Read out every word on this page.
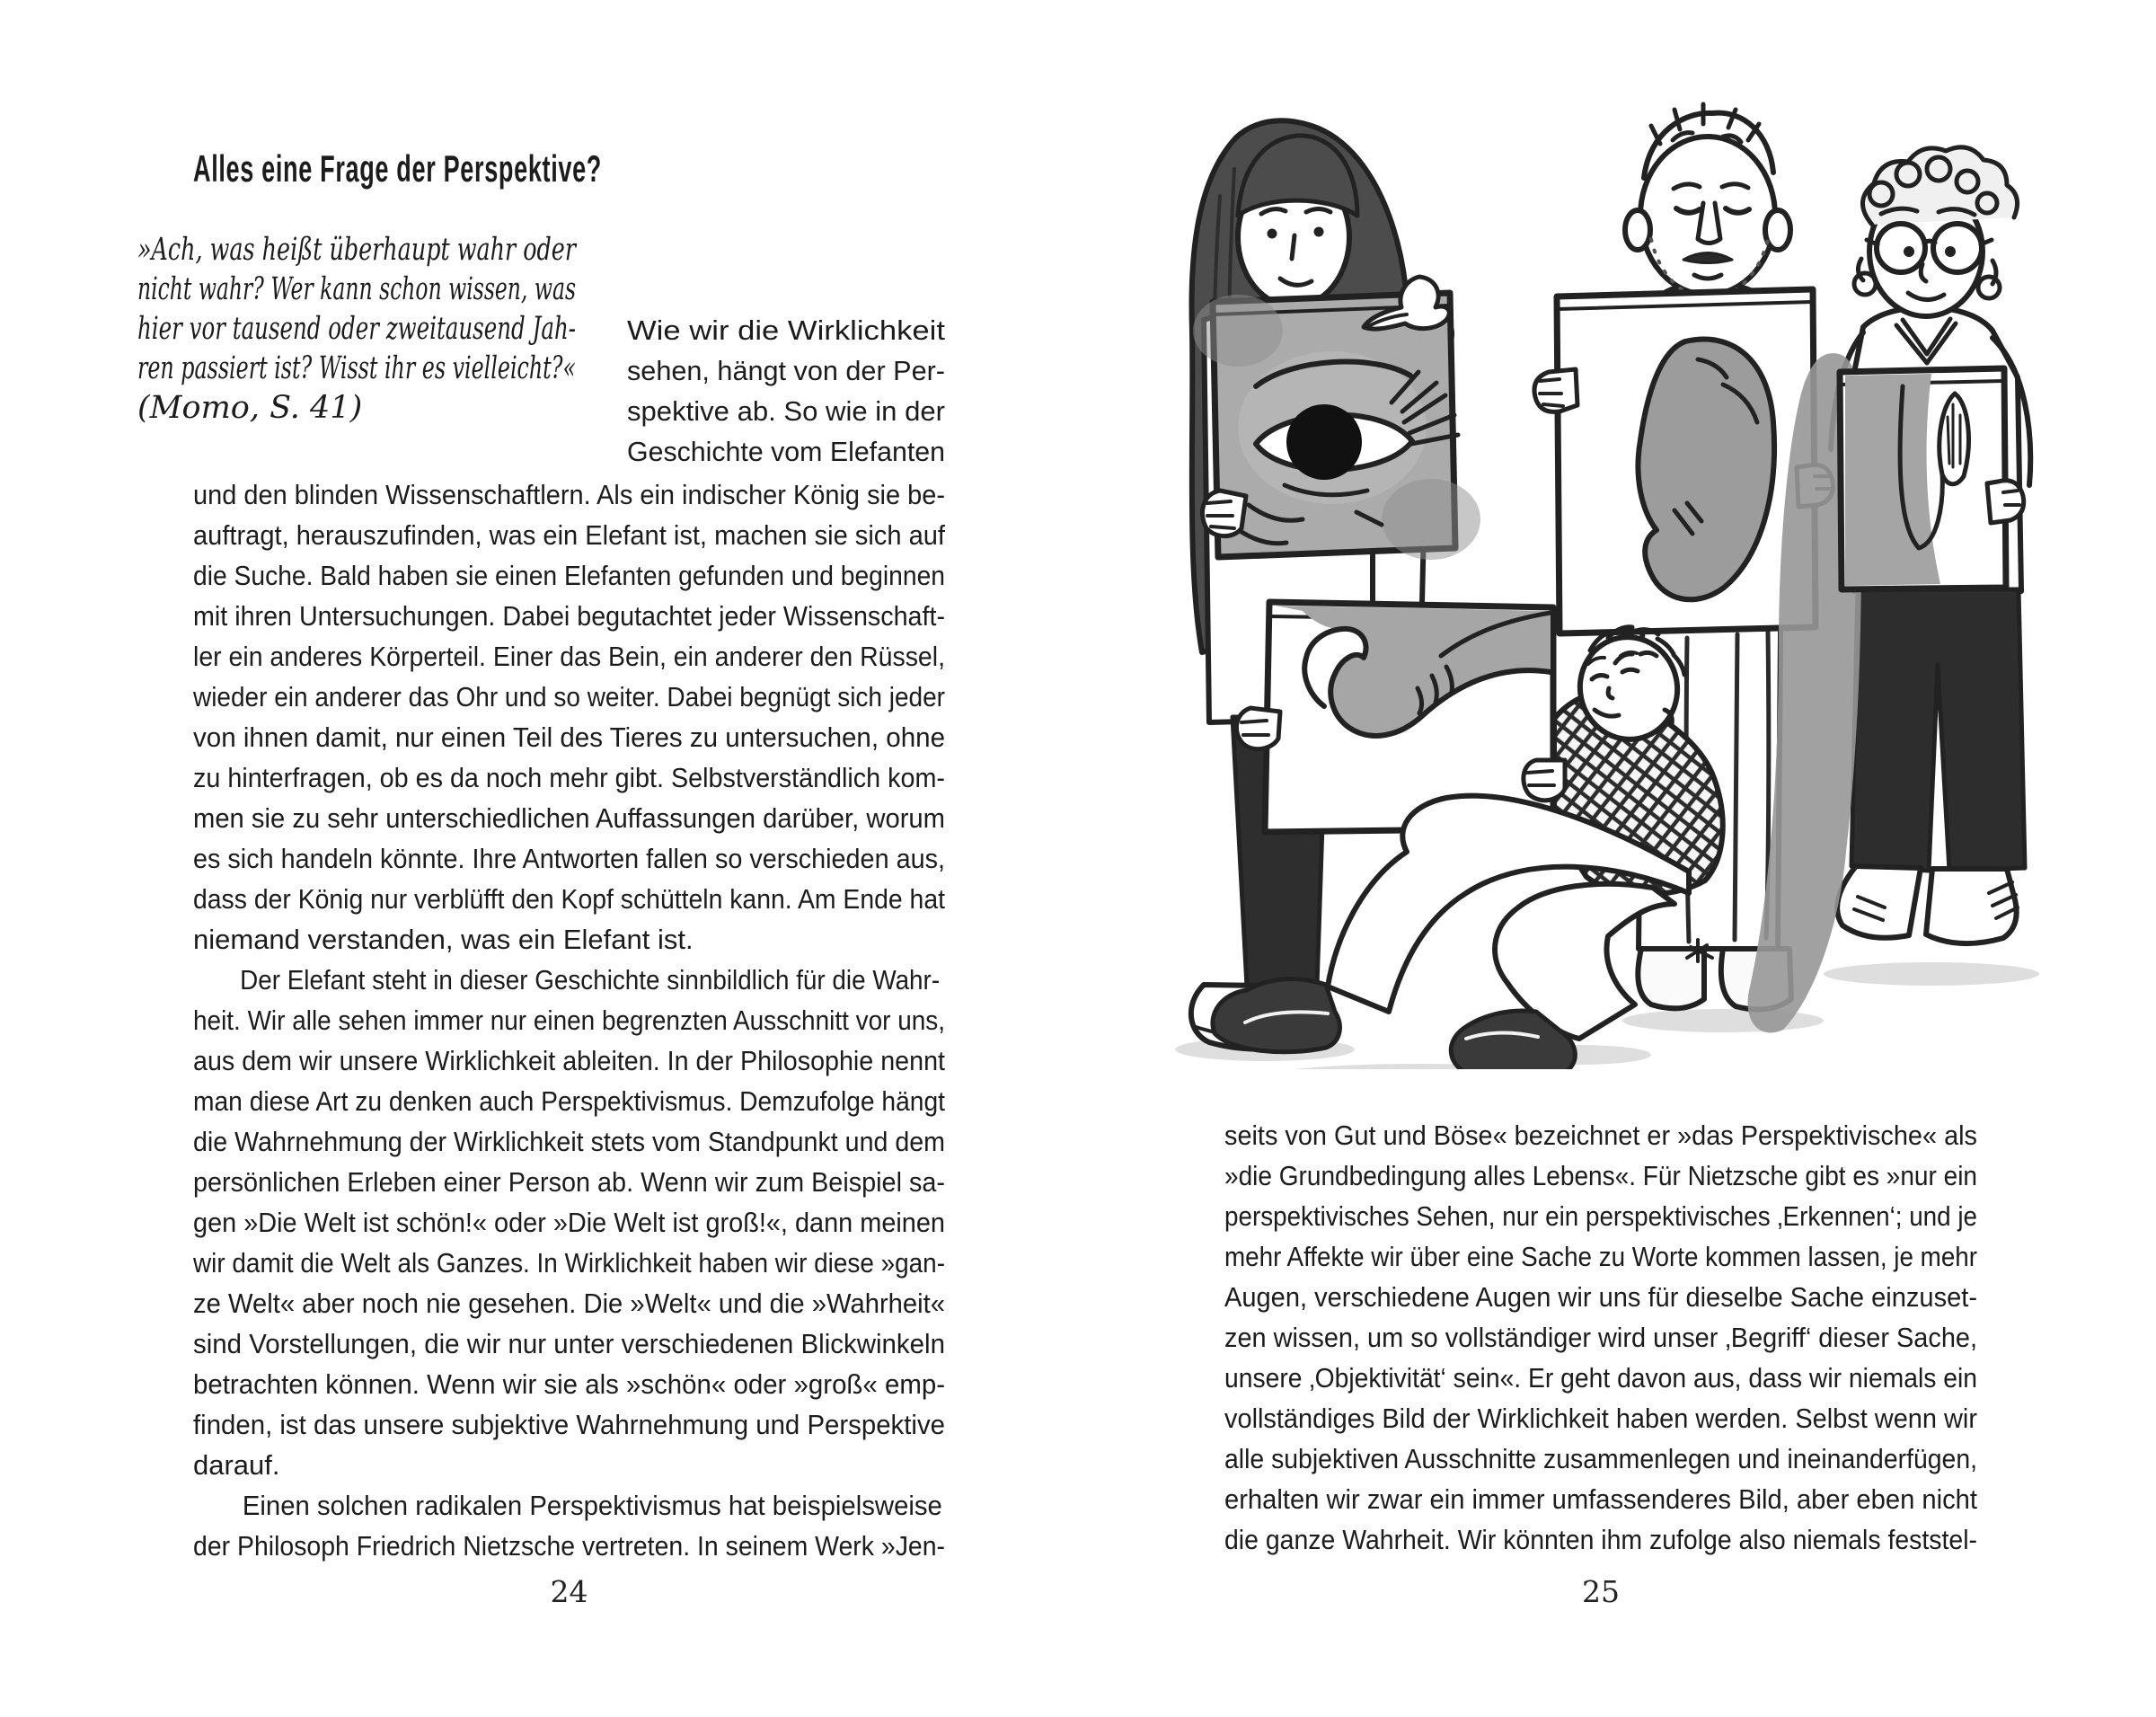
Alles eine Frage der Perspektive?
»Ach, was heißt überhaupt wahr oder
nicht wahr? Wer kann schon wissen, was
hier vor tausend oder zweitausend Jah-
ren passiert ist? Wisst ihr es vielleicht?«
(Momo, S. 41)
Wie wir die Wirklichkeit
sehen, hängt von der Per-
spektive ab. So wie in der
Geschichte vom Elefanten
und den blinden Wissenschaftlern. Als ein indischer König sie be-
auftragt, herauszufinden, was ein Elefant ist, machen sie sich auf
die Suche. Bald haben sie einen Elefanten gefunden und beginnen
mit ihren Untersuchungen. Dabei begutachtet jeder Wissenschaft-
ler ein anderes Körperteil. Einer das Bein, ein anderer den Rüssel,
wieder ein anderer das Ohr und so weiter. Dabei begnügt sich jeder
von ihnen damit, nur einen Teil des Tieres zu untersuchen, ohne
zu hinterfragen, ob es da noch mehr gibt. Selbstverständlich kom-
men sie zu sehr unterschiedlichen Auffassungen darüber, worum
es sich handeln könnte. Ihre Antworten fallen so verschieden aus,
dass der König nur verblüfft den Kopf schütteln kann. Am Ende hat
niemand verstanden, was ein Elefant ist.
Der Elefant steht in dieser Geschichte sinnbildlich für die Wahr-
heit. Wir alle sehen immer nur einen begrenzten Ausschnitt vor uns,
aus dem wir unsere Wirklichkeit ableiten. In der Philosophie nennt
man diese Art zu denken auch Perspektivismus. Demzufolge hängt
die Wahrnehmung der Wirklichkeit stets vom Standpunkt und dem
persönlichen Erleben einer Person ab. Wenn wir zum Beispiel sa-
gen »Die Welt ist schön!« oder »Die Welt ist groß!«, dann meinen
wir damit die Welt als Ganzes. In Wirklichkeit haben wir diese »gan-
ze Welt« aber noch nie gesehen. Die »Welt« und die »Wahrheit«
sind Vorstellungen, die wir nur unter verschiedenen Blickwinkeln
betrachten können. Wenn wir sie als »schön« oder »groß« emp-
finden, ist das unsere subjektive Wahrnehmung und Perspektive
darauf.
Einen solchen radikalen Perspektivismus hat beispielsweise
der Philosoph Friedrich Nietzsche vertreten. In seinem Werk »Jen-
24
seits von Gut und Böse« bezeichnet er »das Perspektivische« als
»die Grundbedingung alles Lebens«. Für Nietzsche gibt es »nur ein
perspektivisches Sehen, nur ein perspektivisches ‚Erkennen‘; und je
mehr Affekte wir über eine Sache zu Worte kommen lassen, je mehr
Augen, verschiedene Augen wir uns für dieselbe Sache einzuset-
zen wissen, um so vollständiger wird unser ‚Begriff‘ dieser Sache,
unsere ‚Objektivität‘ sein«. Er geht davon aus, dass wir niemals ein
vollständiges Bild der Wirklichkeit haben werden. Selbst wenn wir
alle subjektiven Ausschnitte zusammenlegen und ineinanderfügen,
erhalten wir zwar ein immer umfassenderes Bild, aber eben nicht
die ganze Wahrheit. Wir könnten ihm zufolge also niemals feststel-
25
